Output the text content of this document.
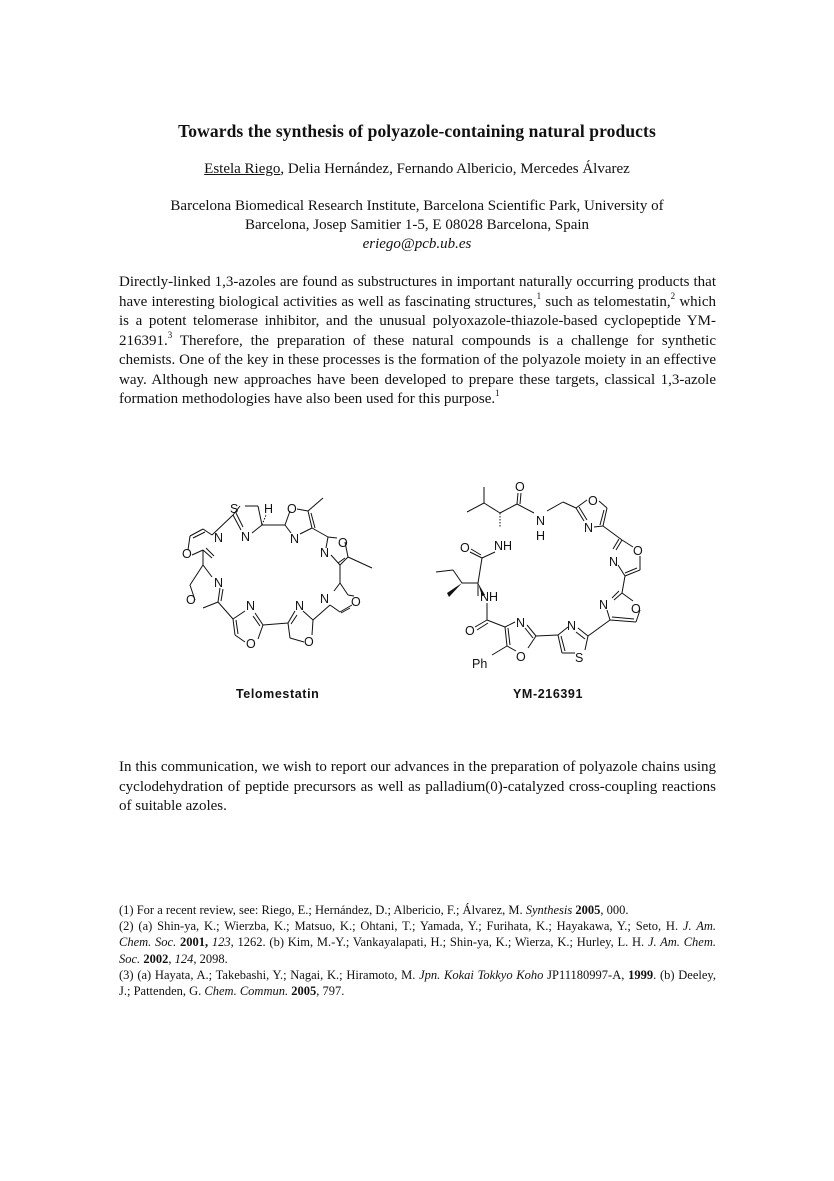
Towards the synthesis of polyazole-containing natural products
Estela Riego, Delia Hernández, Fernando Albericio, Mercedes Álvarez
Barcelona Biomedical Research Institute, Barcelona Scientific Park, University of
Barcelona, Josep Samitier 1-5, E 08028 Barcelona, Spain
eriego@pcb.ub.es
Directly-linked 1,3-azoles are found as substructures in important naturally occurring products that have interesting biological activities as well as fascinating structures,$^1$ such as telomestatin,$^2$ which is a potent telomerase inhibitor, and the unusual polyoxazole-thiazole-based cyclopeptide YM-216391.$^3$ Therefore, the preparation of these natural compounds is a challenge for synthetic chemists. One of the key in these processes is the formation of the polyazole moiety in an effective way. Although new approaches have been developed to prepare these targets, classical 1,3-azole formation methodologies have also been used for this purpose.$^1$
S H
N
O
N	O
N
N O
N
O
N
O
N
O
N
O
O
N
H
NH
O
O
N
O
N
N O
N
S
N
O
NH
O
Ph
Telomestatin	YM-216391
In this communication, we wish to report our advances in the preparation of polyazole chains using cyclodehydration of peptide precursors as well as palladium(0)-catalyzed cross-coupling reactions of suitable azoles.
(1) For a recent review, see: Riego, E.; Hernández, D.; Albericio, F.; Álvarez, M. Synthesis 2005, 000.
(2) (a) Shin-ya, K.; Wierzba, K.; Matsuo, K.; Ohtani, T.; Yamada, Y.; Furihata, K.; Hayakawa, Y.; Seto, H. J. Am. Chem. Soc. 2001, 123, 1262. (b) Kim, M.-Y.; Vankayalapati, H.; Shin-ya, K.; Wierza, K.; Hurley, L. H. J. Am. Chem. Soc. 2002, 124, 2098.
(3) (a) Hayata, A.; Takebashi, Y.; Nagai, K.; Hiramoto, M. Jpn. Kokai Tokkyo Koho JP11180997-A, 1999. (b) Deeley, J.; Pattenden, G. Chem. Commun. 2005, 797.
